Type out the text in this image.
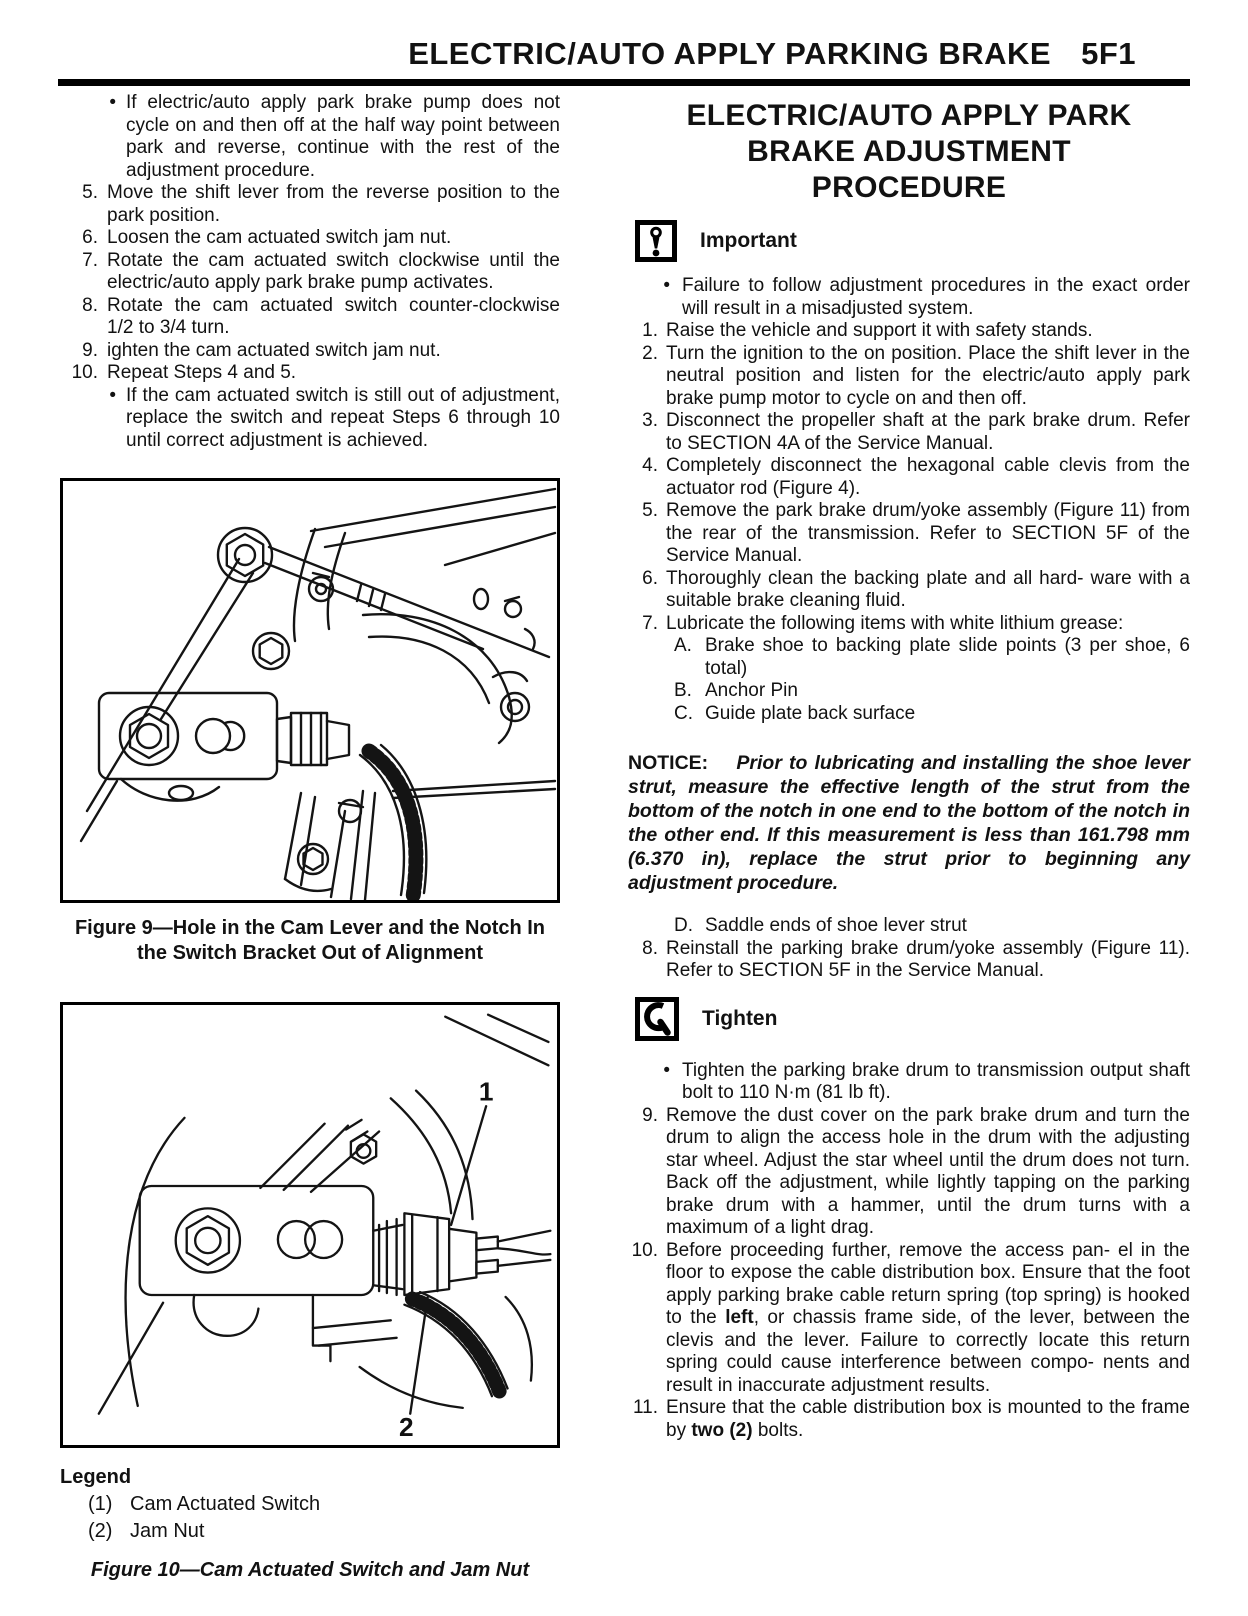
ELECTRIC/AUTO APPLY PARKING BRAKE 5F1
• If electric/auto apply park brake pump does not cycle on and then off at the half way point between park and reverse, continue with the rest of the adjustment procedure.
5. Move the shift lever from the reverse position to the park position.
6. Loosen the cam actuated switch jam nut.
7. Rotate the cam actuated switch clockwise until the electric/auto apply park brake pump activates.
8. Rotate the cam actuated switch counter-clockwise 1/2 to 3/4 turn.
9. ighten the cam actuated switch jam nut.
10. Repeat Steps 4 and 5.
• If the cam actuated switch is still out of adjustment, replace the switch and repeat Steps 6 through 10 until correct adjustment is achieved.
Figure 9—Hole in the Cam Lever and the Notch In
the Switch Bracket Out of Alignment
1
2
Legend
(1) Cam Actuated Switch
(2) Jam Nut
Figure 10—Cam Actuated Switch and Jam Nut
ELECTRIC/AUTO APPLY PARK
BRAKE ADJUSTMENT
PROCEDURE
Important
• Failure to follow adjustment procedures in the exact order will result in a misadjusted system.
1. Raise the vehicle and support it with safety stands.
2. Turn the ignition to the on position. Place the shift lever in the neutral position and listen for the electric/auto apply park brake pump motor to cycle on and then off.
3. Disconnect the propeller shaft at the park brake drum. Refer to SECTION 4A of the Service Manual.
4. Completely disconnect the hexagonal cable clevis from the actuator rod (Figure 4).
5. Remove the park brake drum/yoke assembly (Figure 11) from the rear of the transmission. Refer to SECTION 5F of the Service Manual.
6. Thoroughly clean the backing plate and all hard- ware with a suitable brake cleaning fluid.
7. Lubricate the following items with white lithium grease:
A. Brake shoe to backing plate slide points (3 per shoe, 6 total)
B. Anchor Pin
C. Guide plate back surface
NOTICE: Prior to lubricating and installing the shoe lever strut, measure the effective length of the strut from the bottom of the notch in one end to the bottom of the notch in the other end. If this measurement is less than 161.798 mm (6.370 in), replace the strut prior to beginning any adjustment procedure.
D. Saddle ends of shoe lever strut
8. Reinstall the parking brake drum/yoke assembly (Figure 11). Refer to SECTION 5F in the Service Manual.
Tighten
• Tighten the parking brake drum to transmission output shaft bolt to 110 N·m (81 lb ft).
9. Remove the dust cover on the park brake drum and turn the drum to align the access hole in the drum with the adjusting star wheel. Adjust the star wheel until the drum does not turn. Back off the adjustment, while lightly tapping on the parking brake drum with a hammer, until the drum turns with a maximum of a light drag.
10. Before proceeding further, remove the access pan- el in the floor to expose the cable distribution box. Ensure that the foot apply parking brake cable return spring (top spring) is hooked to the left, or chassis frame side, of the lever, between the clevis and the lever. Failure to correctly locate this return spring could cause interference between compo- nents and result in inaccurate adjustment results.
11. Ensure that the cable distribution box is mounted to the frame by two (2) bolts.
